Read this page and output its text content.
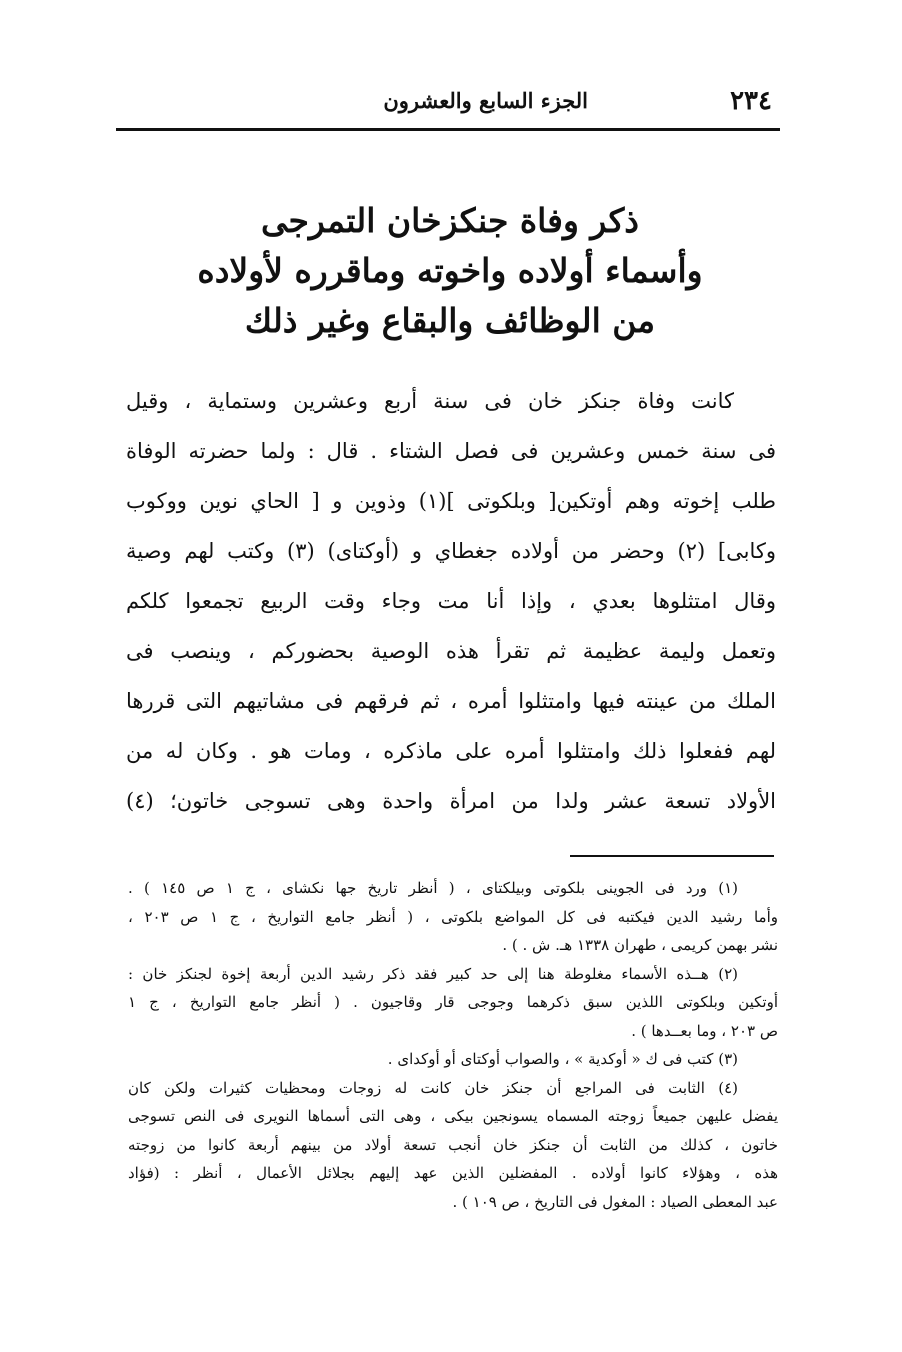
٢٣٤
الجزء السابع والعشرون
ذكر وفاة جنكزخان التمرجى
وأسماء أولاده واخوته وماقرره لأولاده
من الوظائف والبقاع وغير ذلك
كانت وفاة جنكز خان فى سنة أربع وعشرين وستماية ، وقيل
فى سنة خمس وعشرين فى فصل الشتاء . قال : ولما حضرته الوفاة
طلب إخوته وهم أوتكين[ وبلكوتى ](١) وذوين و [ الحاي نوين ووكوب
وكابى] (٢) وحضر من أولاده جغطاي و (أوكتاى) (٣) وكتب لهم وصية
وقال امتثلوها بعدي ، وإذا أنا مت وجاء وقت الربيع تجمعوا كلكم
وتعمل وليمة عظيمة ثم تقرأ هذه الوصية بحضوركم ، وينصب فى
الملك من عينته فيها وامتثلوا أمره ، ثم فرقهم فى مشاتيهم التى قررها
لهم ففعلوا ذلك وامتثلوا أمره على ماذكره ، ومات هو . وكان له من
الأولاد تسعة عشر ولدا من امرأة واحدة وهى تسوجى خاتون؛ (٤)
(١) ورد فى الجوينى بلكوتى وبيلكتاى ، ( أنظر تاريخ جها نكشاى ، ج ١ ص ١٤٥ ) .
وأما رشيد الدين فيكتبه فى كل المواضع بلكوتى ، ( أنظر جامع التواريخ ، ج ١ ص ٢٠٣ ،
نشر بهمن كريمى ، طهران ١٣٣٨ هـ. ش . ) .
(٢) هــذه الأسماء مغلوطة هنا إلى حد كبير فقد ذكر رشيد الدين أربعة إخوة لجنكز خان :
أوتكين وبلكوتى اللذين سبق ذكرهما وجوجى قار وقاجيون . ( أنظر جامع التواريخ ، ج ١
ص ٢٠٣ ، وما بعــدها ) .
(٣) كتب فى ك « أوكدية » ، والصواب أوكتاى أو أوكداى .
(٤) الثابت فى المراجع أن جنكز خان كانت له زوجات ومحظيات كثيرات ولكن كان
يفضل عليهن جميعاً زوجته المسماه يسونجين بيكى ، وهى التى أسماها النويرى فى النص تسوجى
خاتون ، كذلك من الثابت أن جنكز خان أنجب تسعة أولاد من بينهم أربعة كانوا من زوجته
هذه ، وهؤلاء كانوا أولاده . المفضلين الذين عهد إليهم بجلائل الأعمال ، أنظر : (فؤاد
عبد المعطى الصياد : المغول فى التاريخ ، ص ١٠٩ ) .
